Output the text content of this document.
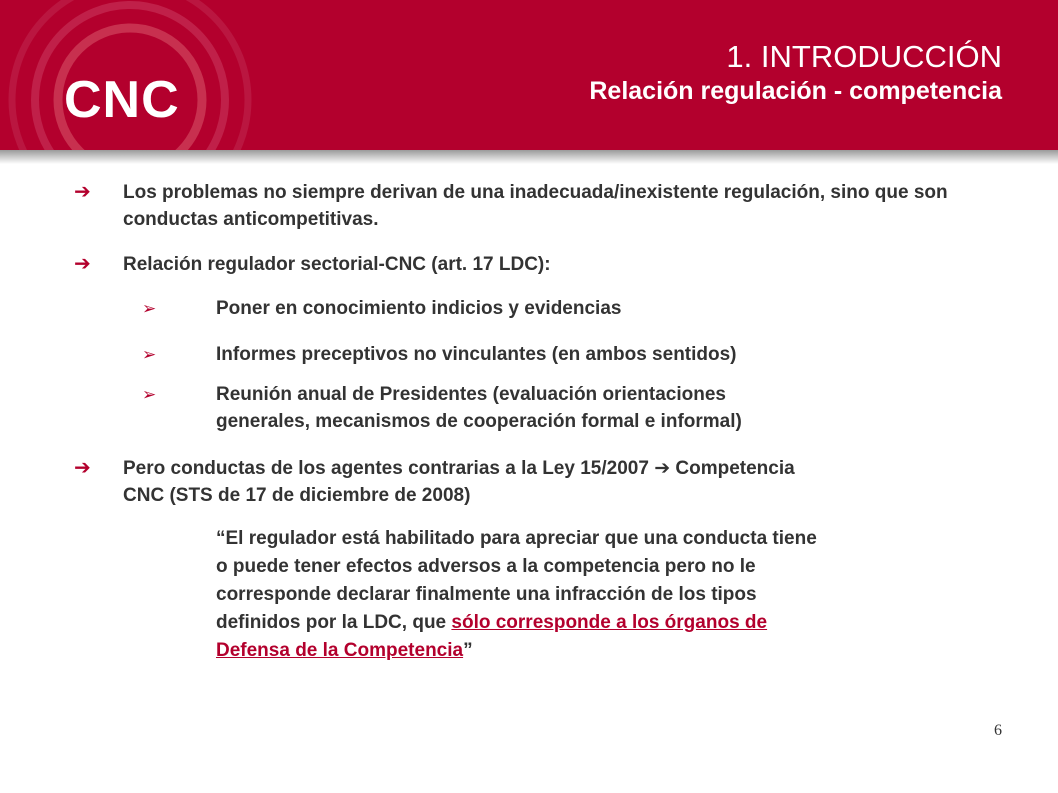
CNC
1. INTRODUCCIÓN
Relación regulación - competencia
➔ Los problemas no siempre derivan de una inadecuada/inexistente regulación, sino que son conductas anticompetitivas.
➔ Relación regulador sectorial-CNC (art. 17 LDC):
➢	Poner en conocimiento indicios y evidencias
➢	Informes preceptivos no vinculantes (en ambos sentidos)
➢	Reunión anual de Presidentes (evaluación orientaciones
generales, mecanismos de cooperación formal e informal)
➔ Pero conductas de los agentes contrarias a la Ley 15/2007 ➔ Competencia
CNC (STS de 17 de diciembre de 2008)
“El regulador está habilitado para apreciar que una conducta tiene
o puede tener efectos adversos a la competencia pero no le
corresponde declarar finalmente una infracción de los tipos
definidos por la LDC, que sólo corresponde a los órganos de
Defensa de la Competencia”
6
